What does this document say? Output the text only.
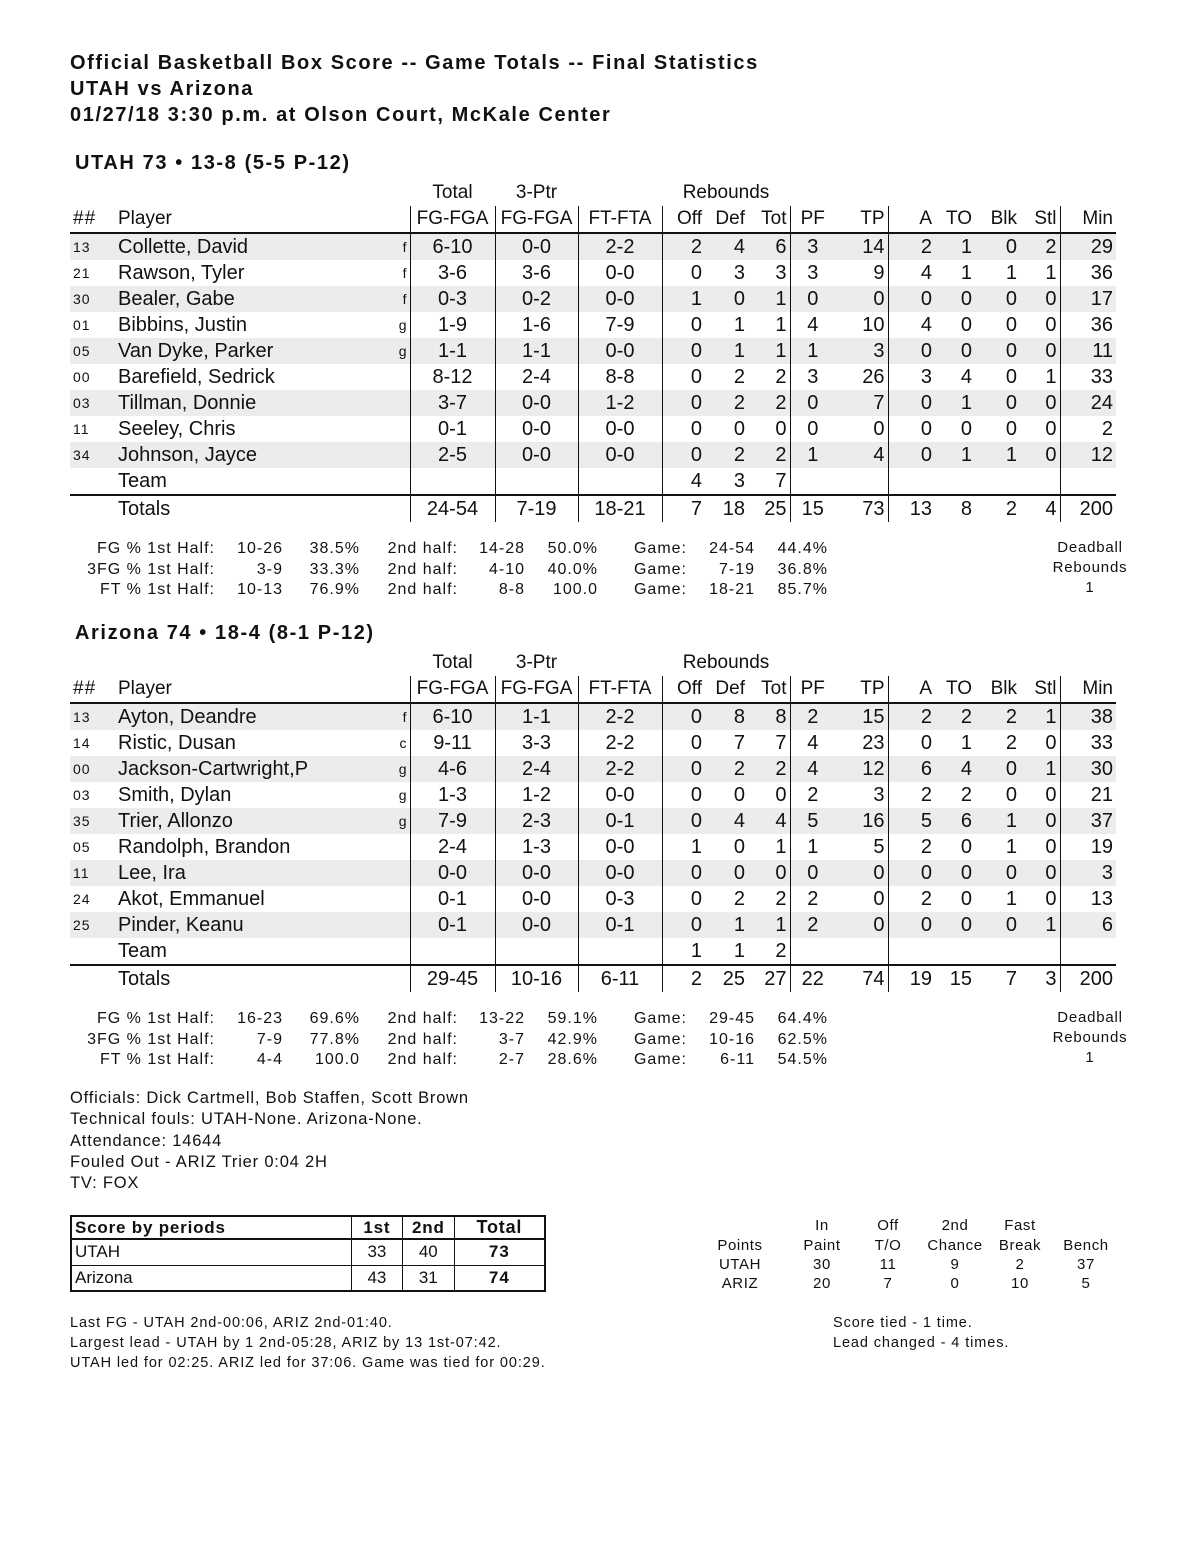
Official Basketball Box Score -- Game Totals -- Final Statistics
UTAH vs Arizona
01/27/18 3:30 p.m. at Olson Court, McKale Center
UTAH 73 • 13-8 (5-5 P-12)
			Total	3-Ptr		Rebounds									
##	Player		FG-FGA	FG-FGA	FT-FTA	Off	Def	Tot	PF	TP	A	TO	Blk	Stl	Min
13	Collette, David	f	6-10	0-0	2-2	2	4	6	3	14	2	1	0	2	29
21	Rawson, Tyler	f	3-6	3-6	0-0	0	3	3	3	9	4	1	1	1	36
30	Bealer, Gabe	f	0-3	0-2	0-0	1	0	1	0	0	0	0	0	0	17
01	Bibbins, Justin	g	1-9	1-6	7-9	0	1	1	4	10	4	0	0	0	36
05	Van Dyke, Parker	g	1-1	1-1	0-0	0	1	1	1	3	0	0	0	0	11
00	Barefield, Sedrick		8-12	2-4	8-8	0	2	2	3	26	3	4	0	1	33
03	Tillman, Donnie		3-7	0-0	1-2	0	2	2	0	7	0	1	0	0	24
11	Seeley, Chris		0-1	0-0	0-0	0	0	0	0	0	0	0	0	0	2
34	Johnson, Jayce		2-5	0-0	0-0	0	2	2	1	4	0	1	1	0	12
	Team					4	3	7							
	Totals		24-54	7-19	18-21	7	18	25	15	73	13	8	2	4	200
FG % 1st Half: 10-26 38.5% 2nd half: 14-28 50.0% Game: 24-54 44.4%
3FG % 1st Half:	3-9 33.3% 2nd half: 4-10 40.0% Game: 7-19 36.8%
FT % 1st Half: 10-13 76.9% 2nd half:	8-8 100.0 Game: 18-21 85.7%
Deadball
Rebounds
1
Arizona 74 • 18-4 (8-1 P-12)
			Total	3-Ptr		Rebounds									
##	Player		FG-FGA	FG-FGA	FT-FTA	Off	Def	Tot	PF	TP	A	TO	Blk	Stl	Min
13	Ayton, Deandre	f	6-10	1-1	2-2	0	8	8	2	15	2	2	2	1	38
14	Ristic, Dusan	c	9-11	3-3	2-2	0	7	7	4	23	0	1	2	0	33
00	Jackson-Cartwright,P	g	4-6	2-4	2-2	0	2	2	4	12	6	4	0	1	30
03	Smith, Dylan	g	1-3	1-2	0-0	0	0	0	2	3	2	2	0	0	21
35	Trier, Allonzo	g	7-9	2-3	0-1	0	4	4	5	16	5	6	1	0	37
05	Randolph, Brandon		2-4	1-3	0-0	1	0	1	1	5	2	0	1	0	19
11	Lee, Ira		0-0	0-0	0-0	0	0	0	0	0	0	0	0	0	3
24	Akot, Emmanuel		0-1	0-0	0-3	0	2	2	2	0	2	0	1	0	13
25	Pinder, Keanu		0-1	0-0	0-1	0	1	1	2	0	0	0	0	1	6
	Team					1	1	2							
	Totals		29-45	10-16	6-11	2	25	27	22	74	19	15	7	3	200
FG % 1st Half: 16-23 69.6% 2nd half: 13-22 59.1% Game: 29-45 64.4%
3FG % 1st Half:	7-9 77.8% 2nd half:	3-7 42.9% Game: 10-16 62.5%
FT % 1st Half:	4-4 100.0 2nd half:	2-7 28.6% Game: 6-11 54.5%
Deadball
Rebounds
1
Officials: Dick Cartmell, Bob Staffen, Scott Brown
Technical fouls: UTAH-None. Arizona-None.
Attendance: 14644
Fouled Out - ARIZ Trier 0:04 2H
TV: FOX
Score by periods	1st	2nd	Total
UTAH	33	40	73
Arizona	43	31	74
In	Off	2nd	Fast
Points	Paint	T/O	Chance	Break	Bench
UTAH	30	11	9	2	37
ARIZ	20	7	0	10	5
Last FG - UTAH 2nd-00:06, ARIZ 2nd-01:40.
Largest lead - UTAH by 1 2nd-05:28, ARIZ by 13 1st-07:42.
UTAH led for 02:25. ARIZ led for 37:06. Game was tied for 00:29.
Score tied - 1 time.
Lead changed - 4 times.
